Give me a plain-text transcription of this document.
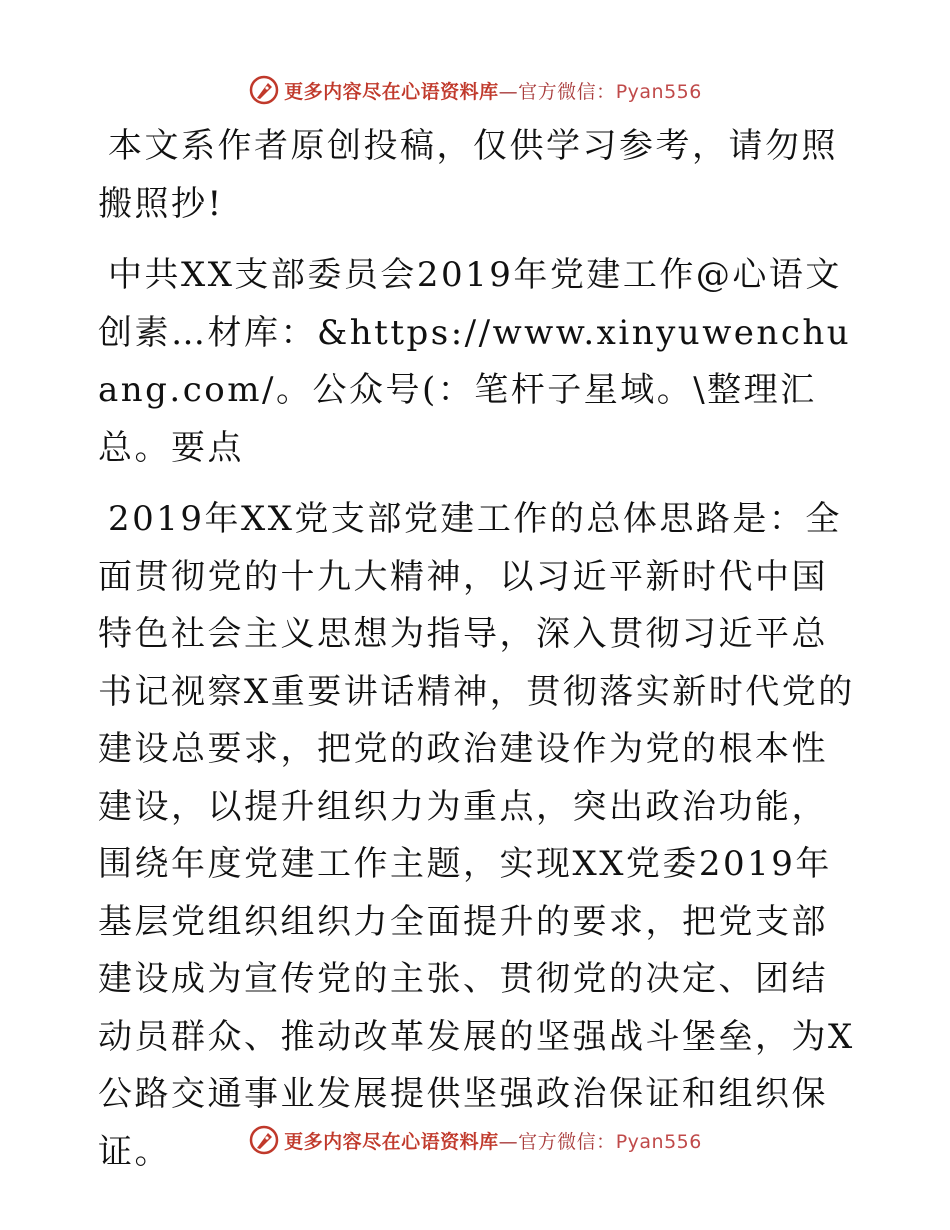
更多内容尽在心语资料库—官方微信：Pyan556

本文系作者原创投稿，仅供学习参考，请勿照搬照抄!

中共XX支部委员会2019年党建工作@心语文创素…材库：&https://www.xinyuwenchuang.com/。公众号(：笔杆子星域。\整理汇总。要点

2019年XX党支部党建工作的总体思路是：全面贯彻党的十九大精神，以习近平新时代中国特色社会主义思想为指导，深入贯彻习近平总书记视察X重要讲话精神，贯彻落实新时代党的建设总要求，把党的政治建设作为党的根本性建设，以提升组织力为重点，突出政治功能，围绕年度党建工作主题，实现XX党委2019年基层党组织组织力全面提升的要求，把党支部建设成为宣传党的主张、贯彻党的决定、团结动员群众、推动改革发展的坚强战斗堡垒，为X公路交通事业发展提供坚强政治保证和组织保证。	更多内容尽在心语资料库—官方微信：Pyan556
